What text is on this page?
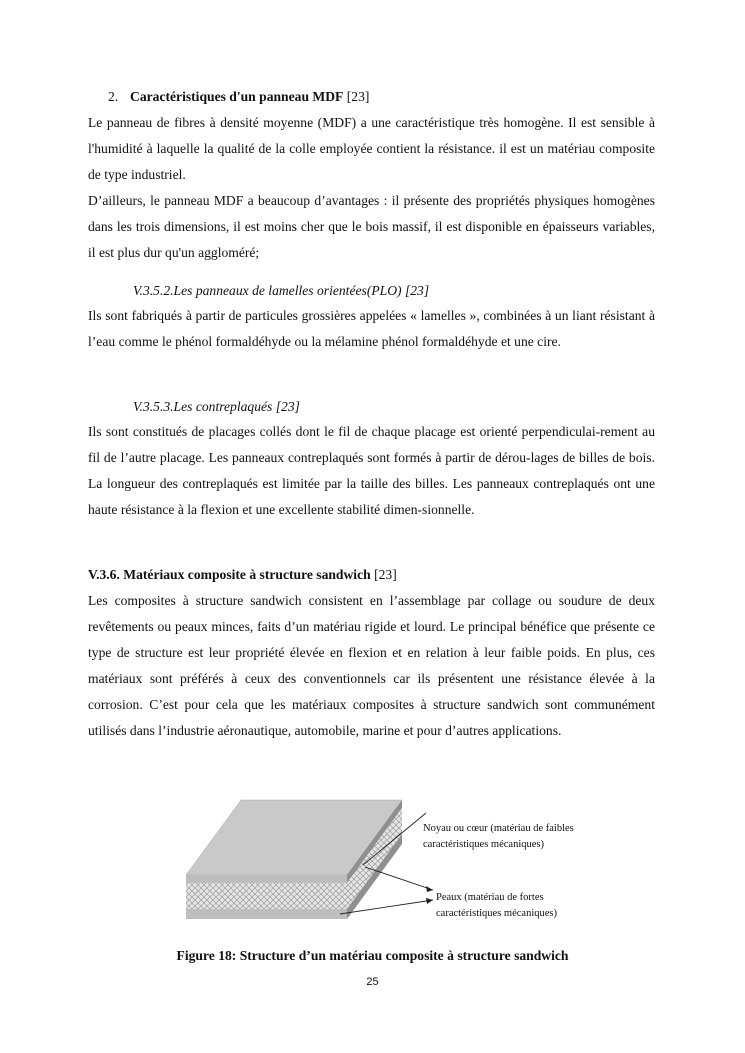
2. Caractéristiques d'un panneau MDF [23]

Le panneau de fibres à densité moyenne (MDF) a une caractéristique très homogène. Il est sensible à l'humidité à laquelle la qualité de la colle employée contient la résistance. il est un matériau composite de type industriel.

D’ailleurs, le panneau MDF a beaucoup d’avantages : il présente des propriétés physiques homogènes dans les trois dimensions, il est moins cher que le bois massif, il est disponible en épaisseurs variables, il est plus dur qu'un aggloméré;

V.3.5.2.Les panneaux de lamelles orientées(PLO) [23]

Ils sont fabriqués à partir de particules grossières appelées « lamelles », combinées à un liant résistant à l’eau comme le phénol formaldéhyde ou la mélamine phénol formaldéhyde et une cire.

V.3.5.3.Les contreplaqués [23]

Ils sont constitués de placages collés dont le fil de chaque placage est orienté perpendiculai-rement au fil de l’autre placage. Les panneaux contreplaqués sont formés à partir de dérou-lages de billes de bois. La longueur des contreplaqués est limitée par la taille des billes. Les panneaux contreplaqués ont une haute résistance à la flexion et une excellente stabilité dimen-sionnelle.

V.3.6. Matériaux composite à structure sandwich [23]

Les composites à structure sandwich consistent en l’assemblage par collage ou soudure de deux revêtements ou peaux minces, faits d’un matériau rigide et lourd. Le principal bénéfice que présente ce type de structure est leur propriété élevée en flexion et en relation à leur faible poids. En plus, ces matériaux sont préférés à ceux des conventionnels car ils présentent une résistance élevée à la corrosion. C’est pour cela que les matériaux composites à structure sandwich sont communément utilisés dans l’industrie aéronautique, automobile, marine et pour d’autres applications.

Noyau ou cœur (matériau de faibles
caractéristiques mécaniques)
Peaux (matériau de fortes
caractéristiques mécaniques)
Figure 18: Structure d’un matériau composite à structure sandwich
25
